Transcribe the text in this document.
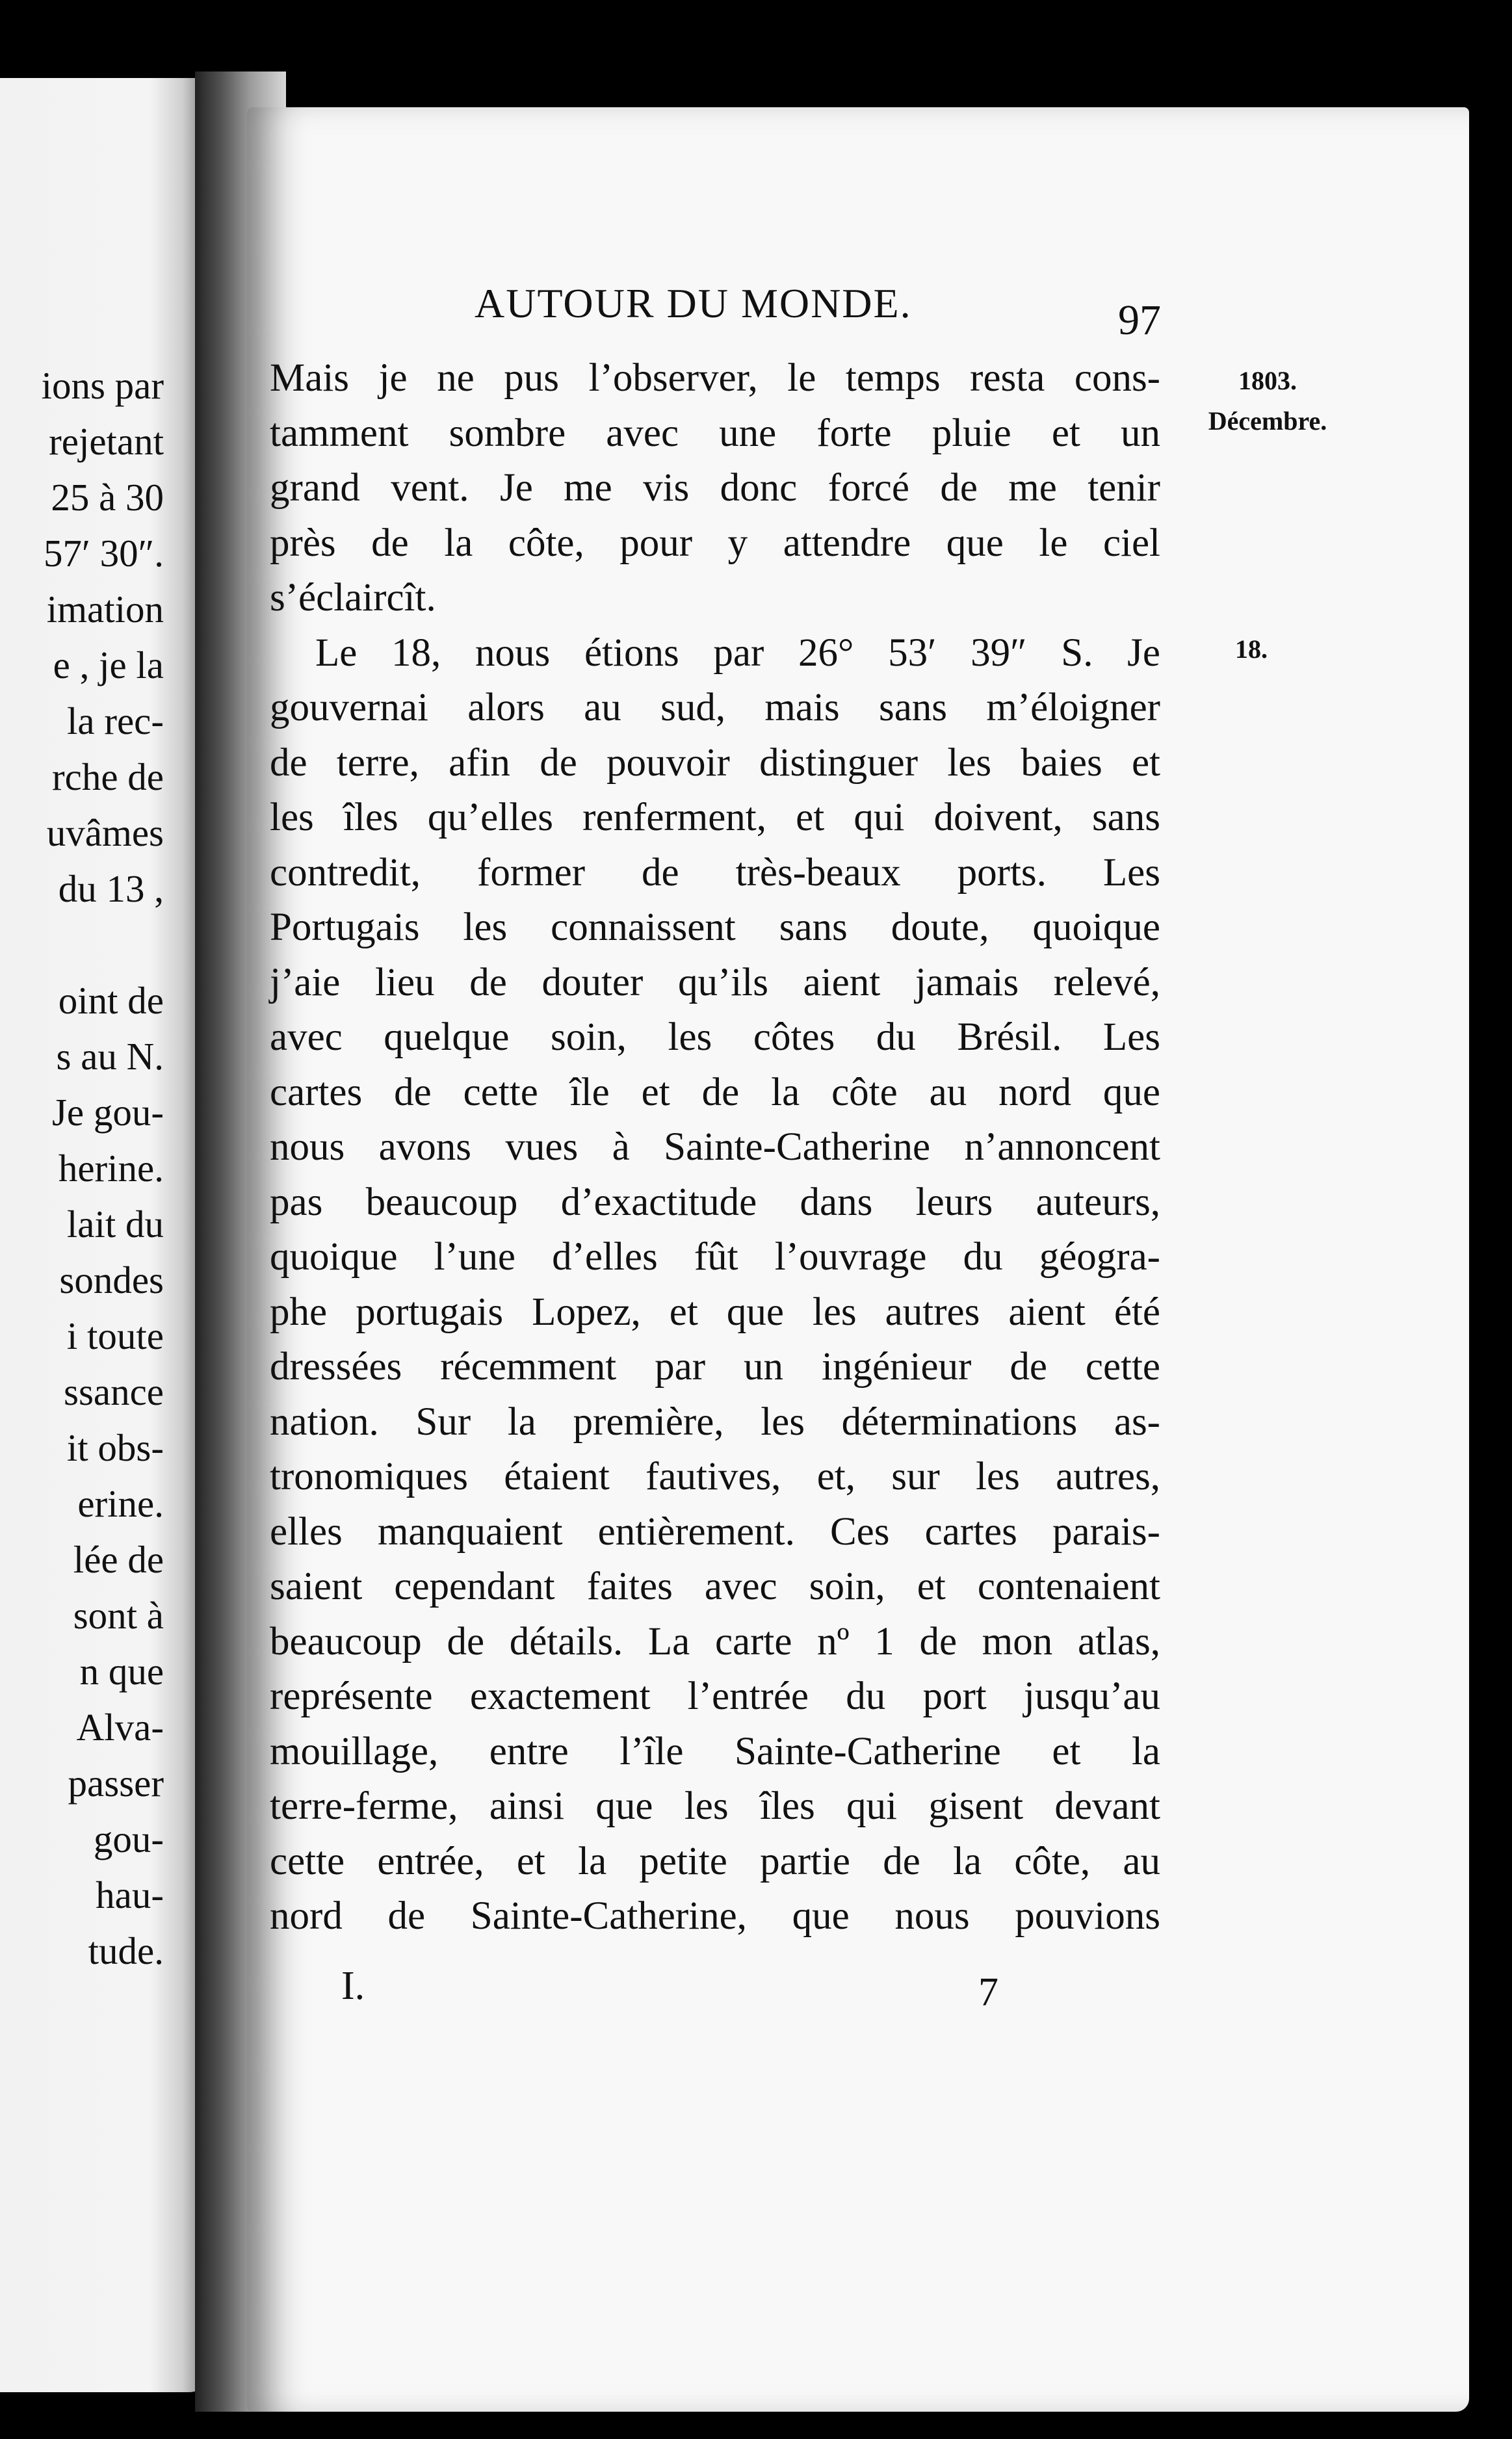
ions par
rejetant
25 à 30
57′ 30″.
imation
e , je la
la rec-
rche de
uvâmes
du 13 ,
oint de
s au N.
Je gou-
herine.
lait du
sondes
i toute
ssance
it obs-
erine.
lée de
sont à
n que
Alva-
passer
gou-
hau-
tude.
AUTOUR DU MONDE.	97
1803.
Décembre.
18.
Mais je ne pus l’observer, le temps resta cons-
tamment sombre avec une forte pluie et un
grand vent. Je me vis donc forcé de me tenir
près de la côte, pour y attendre que le ciel
s’éclaircît.
Le 18, nous étions par 26° 53′ 39″ S. Je
gouvernai alors au sud, mais sans m’éloigner
de terre, afin de pouvoir distinguer les baies et
les îles qu’elles renferment, et qui doivent, sans
contredit, former de très-beaux ports. Les
Portugais les connaissent sans doute, quoique
j’aie lieu de douter qu’ils aient jamais relevé,
avec quelque soin, les côtes du Brésil. Les
cartes de cette île et de la côte au nord que
nous avons vues à Sainte-Catherine n’annoncent
pas beaucoup d’exactitude dans leurs auteurs,
quoique l’une d’elles fût l’ouvrage du géogra-
phe portugais Lopez, et que les autres aient été
dressées récemment par un ingénieur de cette
nation. Sur la première, les déterminations as-
tronomiques étaient fautives, et, sur les autres,
elles manquaient entièrement. Ces cartes parais-
saient cependant faites avec soin, et contenaient
beaucoup de détails. La carte nº 1 de mon atlas,
représente exactement l’entrée du port jusqu’au
mouillage, entre l’île Sainte-Catherine et la
terre-ferme, ainsi que les îles qui gisent devant
cette entrée, et la petite partie de la côte, au
nord de Sainte-Catherine, que nous pouvions
I.	7
